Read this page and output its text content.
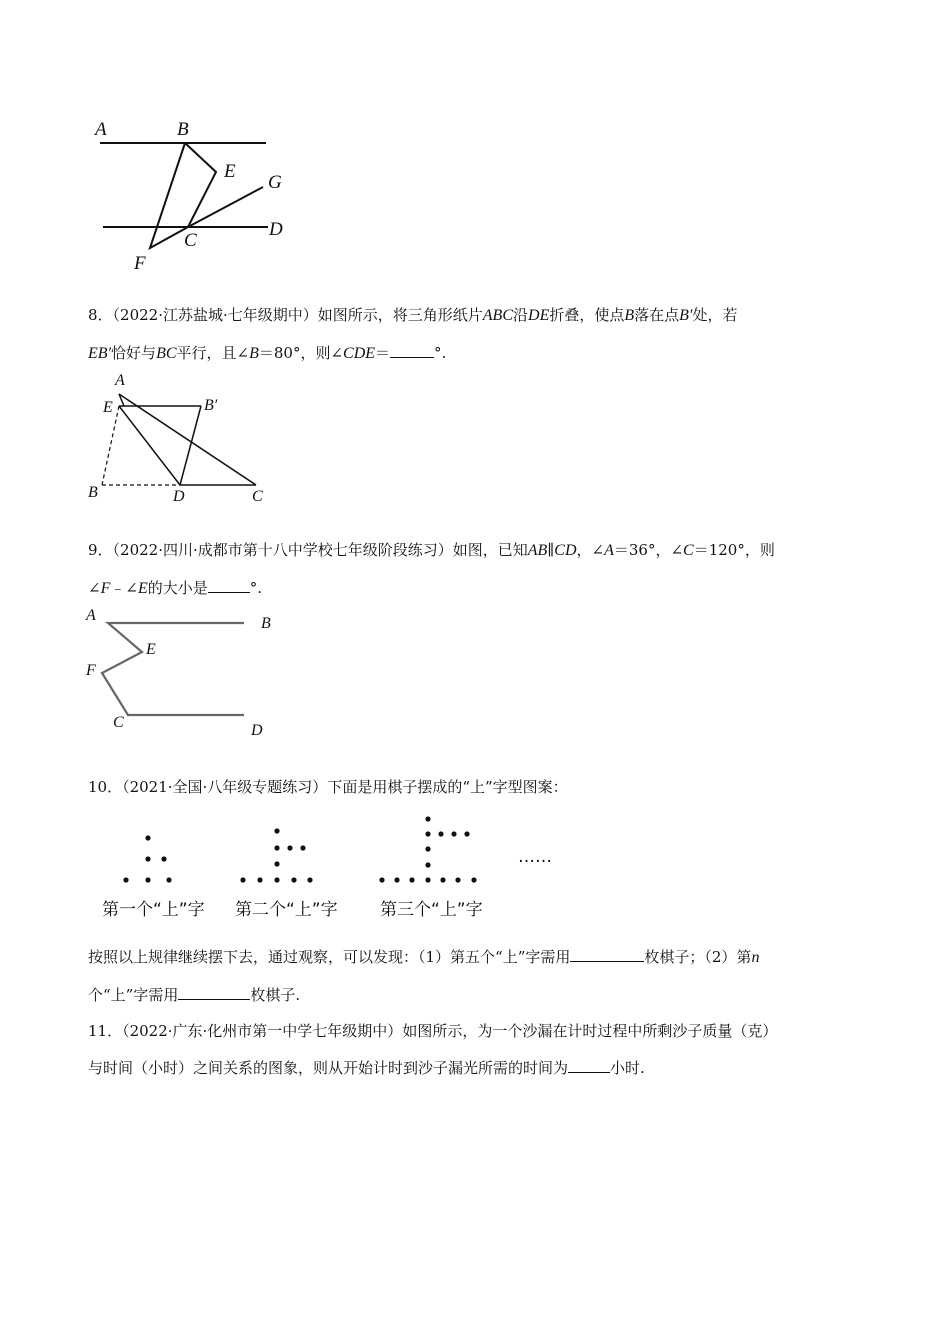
A	B
E
G
C
D
F
8．（2022·江苏盐城·七年级期中）如图所示，将三角形纸片ABC沿DE折叠，使点B落在点B′处，若
EB′恰好与BC平行，且∠B＝80°，则∠CDE＝	°.
A
E	B′
B	D	C
9．（2022·四川·成都市第十八中学校七年级阶段练习）如图，已知AB∥CD，∠A＝36°，∠C＝120°，则
∠F﹣∠E的大小是	°.
A	B
E
F
C	D
10．（2021·全国·八年级专题练习）下面是用棋子摆成的“上”字型图案：
第一个“上”字 第二个“上”字 第三个“上”字
……
按照以上规律继续摆下去，通过观察，可以发现：（1）第五个“上”字需用	枚棋子；（2）第n
个“上”字需用	枚棋子.
11．（2022·广东·化州市第一中学七年级期中）如图所示，为一个沙漏在计时过程中所剩沙子质量（克）
与时间（小时）之间关系的图象，则从开始计时到沙子漏光所需的时间为	小时.
